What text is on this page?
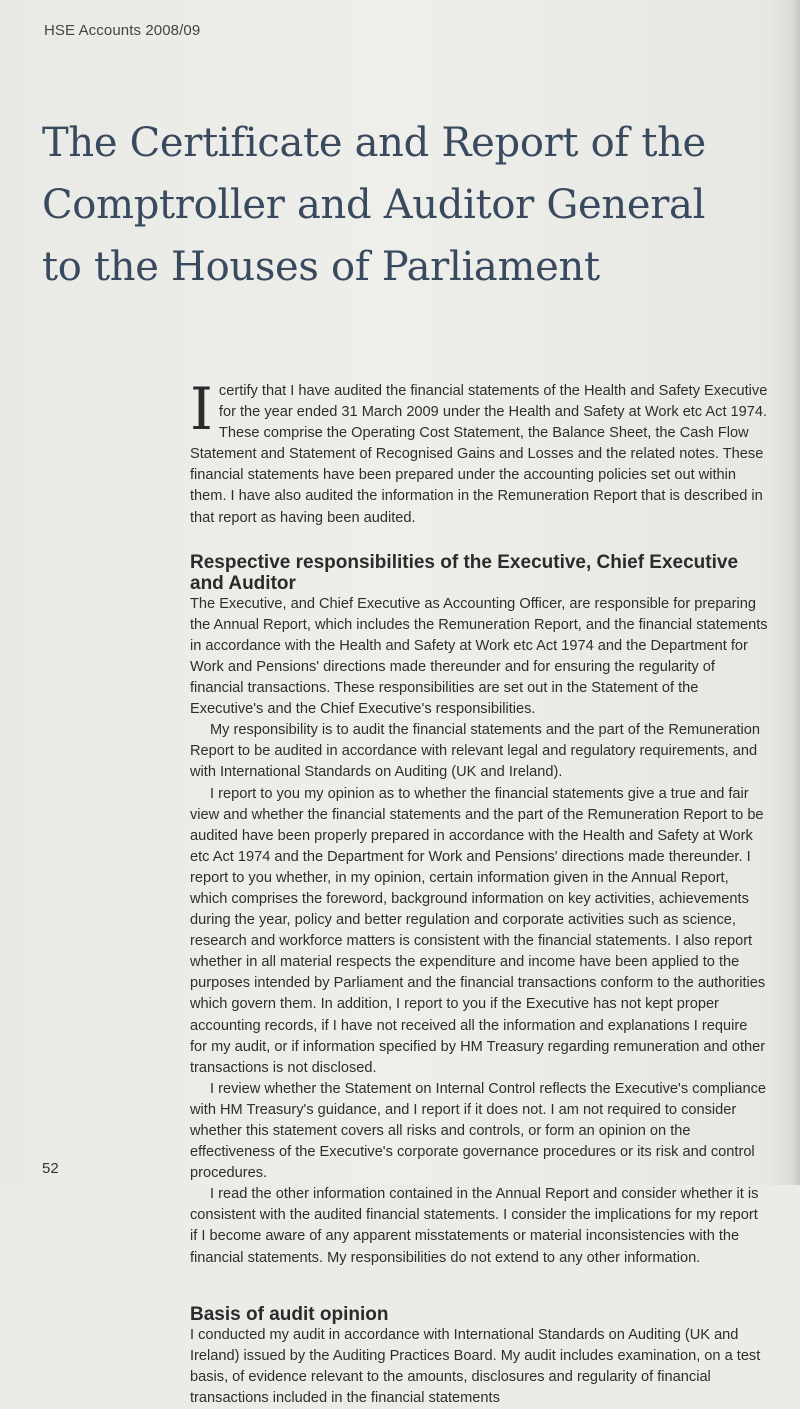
HSE Accounts 2008/09
The Certificate and Report of the
Comptroller and Auditor General
to the Houses of Parliament

Icertify that I have audited the financial statements of the Health and Safety Executive for the year ended 31 March 2009 under the Health and Safety at Work etc Act 1974. These comprise the Operating Cost Statement, the Balance Sheet, the Cash Flow Statement and Statement of Recognised Gains and Losses and the related notes. These financial statements have been prepared under the accounting policies set out within them. I have also audited the information in the Remuneration Report that is described in that report as having been audited.

Respective responsibilities of the Executive, Chief Executive and Auditor

The Executive, and Chief Executive as Accounting Officer, are responsible for preparing the Annual Report, which includes the Remuneration Report, and the financial statements in accordance with the Health and Safety at Work etc Act 1974 and the Department for Work and Pensions' directions made thereunder and for ensuring the regularity of financial transactions. These responsibilities are set out in the Statement of the Executive's and the Chief Executive's responsibilities.

My responsibility is to audit the financial statements and the part of the Remuneration Report to be audited in accordance with relevant legal and regulatory requirements, and with International Standards on Auditing (UK and Ireland).

I report to you my opinion as to whether the financial statements give a true and fair view and whether the financial statements and the part of the Remuneration Report to be audited have been properly prepared in accordance with the Health and Safety at Work etc Act 1974 and the Department for Work and Pensions' directions made thereunder. I report to you whether, in my opinion, certain information given in the Annual Report, which comprises the foreword, background information on key activities, achievements during the year, policy and better regulation and corporate activities such as science, research and workforce matters is consistent with the financial statements. I also report whether in all material respects the expenditure and income have been applied to the purposes intended by Parliament and the financial transactions conform to the authorities which govern them. In addition, I report to you if the Executive has not kept proper accounting records, if I have not received all the information and explanations I require for my audit, or if information specified by HM Treasury regarding remuneration and other transactions is not disclosed.

I review whether the Statement on Internal Control reflects the Executive's compliance with HM Treasury's guidance, and I report if it does not. I am not required to consider whether this statement covers all risks and controls, or form an opinion on the effectiveness of the Executive's corporate governance procedures or its risk and control procedures.

I read the other information contained in the Annual Report and consider whether it is consistent with the audited financial statements. I consider the implications for my report if I become aware of any apparent misstatements or material inconsistencies with the financial statements. My responsibilities do not extend to any other information.

Basis of audit opinion

I conducted my audit in accordance with International Standards on Auditing (UK and Ireland) issued by the Auditing Practices Board. My audit includes examination, on a test basis, of evidence relevant to the amounts, disclosures and regularity of financial transactions included in the financial statements

52
